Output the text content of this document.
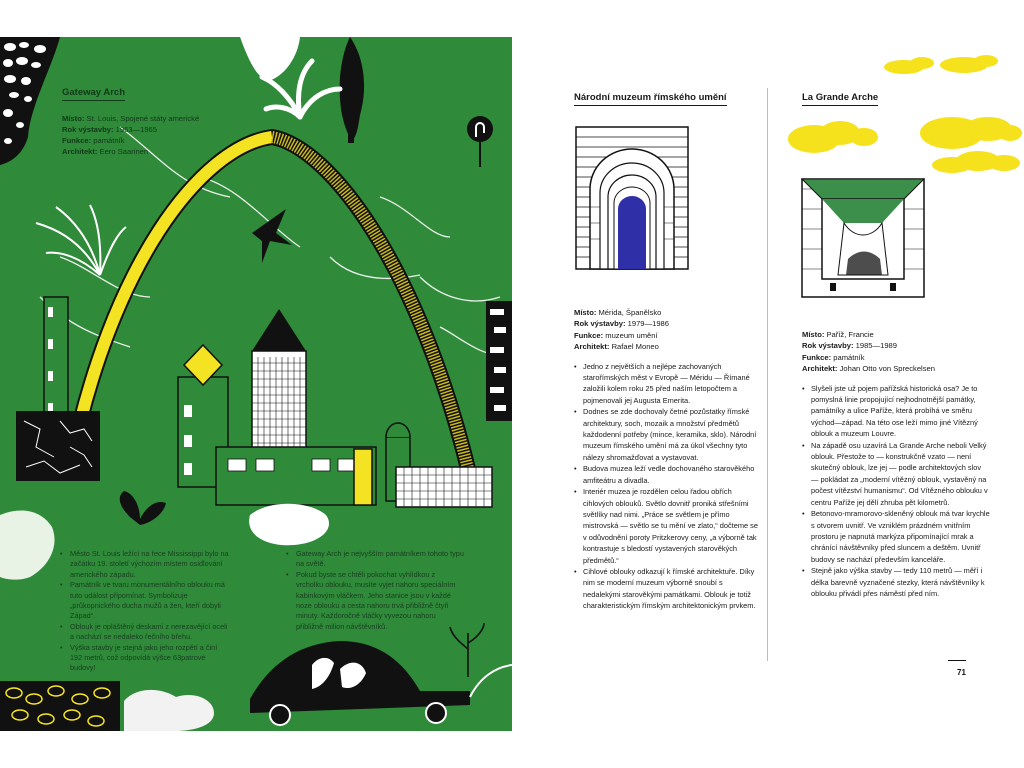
Gateway Arch
Místo: St. Louis, Spojené státy americké
Rok výstavby: 1963—1965
Funkce: památník
Architekt: Eero Saarinen

• Město St. Louis ležící na řece Mississippi bylo na začátku 19. století výchozím místem osidlování amerického západu.

• Památník ve tvaru monumentálního oblouku má tuto událost připomínat. Symbolizuje „průkopnického ducha mužů a žen, kteří dobyli Západ“.

• Oblouk je opláštěný deskami z nerezavějící oceli a nachází se nedaleko řečního břehu.

• Výška stavby je stejná jako jeho rozpětí a činí 192 metrů, což odpovídá výšce 63patrové budovy!

• Gateway Arch je nejvyšším památníkem tohoto typu na světě.

• Pokud byste se chtěli pokochat vyhlídkou z vrcholku oblouku, musíte vyjet nahoru speciálním kabinkovým vláčkem. Jeho stanice jsou v každé noze oblouku a cesta nahoru trvá přibližně čtyři minuty. Každoročně vláčky vyvezou nahoru přibližně milion návštěvníků.

Národní muzeum římského umění
Místo: Mérida, Španělsko
Rok výstavby: 1979—1986
Funkce: muzeum umění
Architekt: Rafael Moneo

• Jedno z největších a nejlépe zachovaných starořímských měst v Evropě — Méridu — Římané založili kolem roku 25 před naším letopočtem a pojmenovali jej Augusta Emerita.

• Dodnes se zde dochovaly četné pozůstatky římské architektury, soch, mozaik a množství předmětů každodenní potřeby (mince, keramika, sklo). Národní muzeum římského umění má za úkol všechny tyto nálezy shromažďovat a vystavovat.

• Budova muzea leží vedle dochovaného starověkého amfiteátru a divadla.

• Interiér muzea je rozdělen celou řadou obřích cihlových oblouků. Světlo dovnitř proniká střešními světlíky nad nimi. „Práce se světlem je přímo mistrovská — světlo se tu mění ve zlato,“ dočteme se v odůvodnění poroty Pritzkerovy ceny, „a výborně tak kontrastuje s bledostí vystavených starověkých předmětů.“

• Cihlové oblouky odkazují k římské architektuře. Díky nim se moderní muzeum výborně snoubí s nedalekými starověkými památkami. Oblouk je totiž charakteristickým římským architektonickým prvkem.

La Grande Arche
Místo: Paříž, Francie
Rok výstavby: 1985—1989
Funkce: památník
Architekt: Johan Otto von Spreckelsen

• Slyšeli jste už pojem pařížská historická osa? Je to pomyslná linie propojující nejhodnotnější památky, památníky a ulice Paříže, která probíhá ve směru východ—západ. Na této ose leží mimo jiné Vítězný oblouk a muzeum Louvre.

• Na západě osu uzavírá La Grande Arche neboli Velký oblouk. Přestože to — konstrukčně vzato — není skutečný oblouk, lze jej — podle architektových slov — pokládat za „moderní vítězný oblouk, vystavěný na počest vítězství humanismu“. Od Vítězného oblouku v centru Paříže jej dělí zhruba pět kilometrů.

• Betonovo-mramorovo-skleněný oblouk má tvar krychle s otvorem uvnitř. Ve vzniklém prázdném vnitřním prostoru je napnutá markýza připomínající mrak a chránící návštěvníky před sluncem a deštěm. Uvnitř budovy se nachází především kanceláře.

• Stejně jako výška stavby — tedy 110 metrů — měří i délka barevně vyznačené stezky, která návštěvníky k oblouku přivádí přes náměstí před ním.

71
